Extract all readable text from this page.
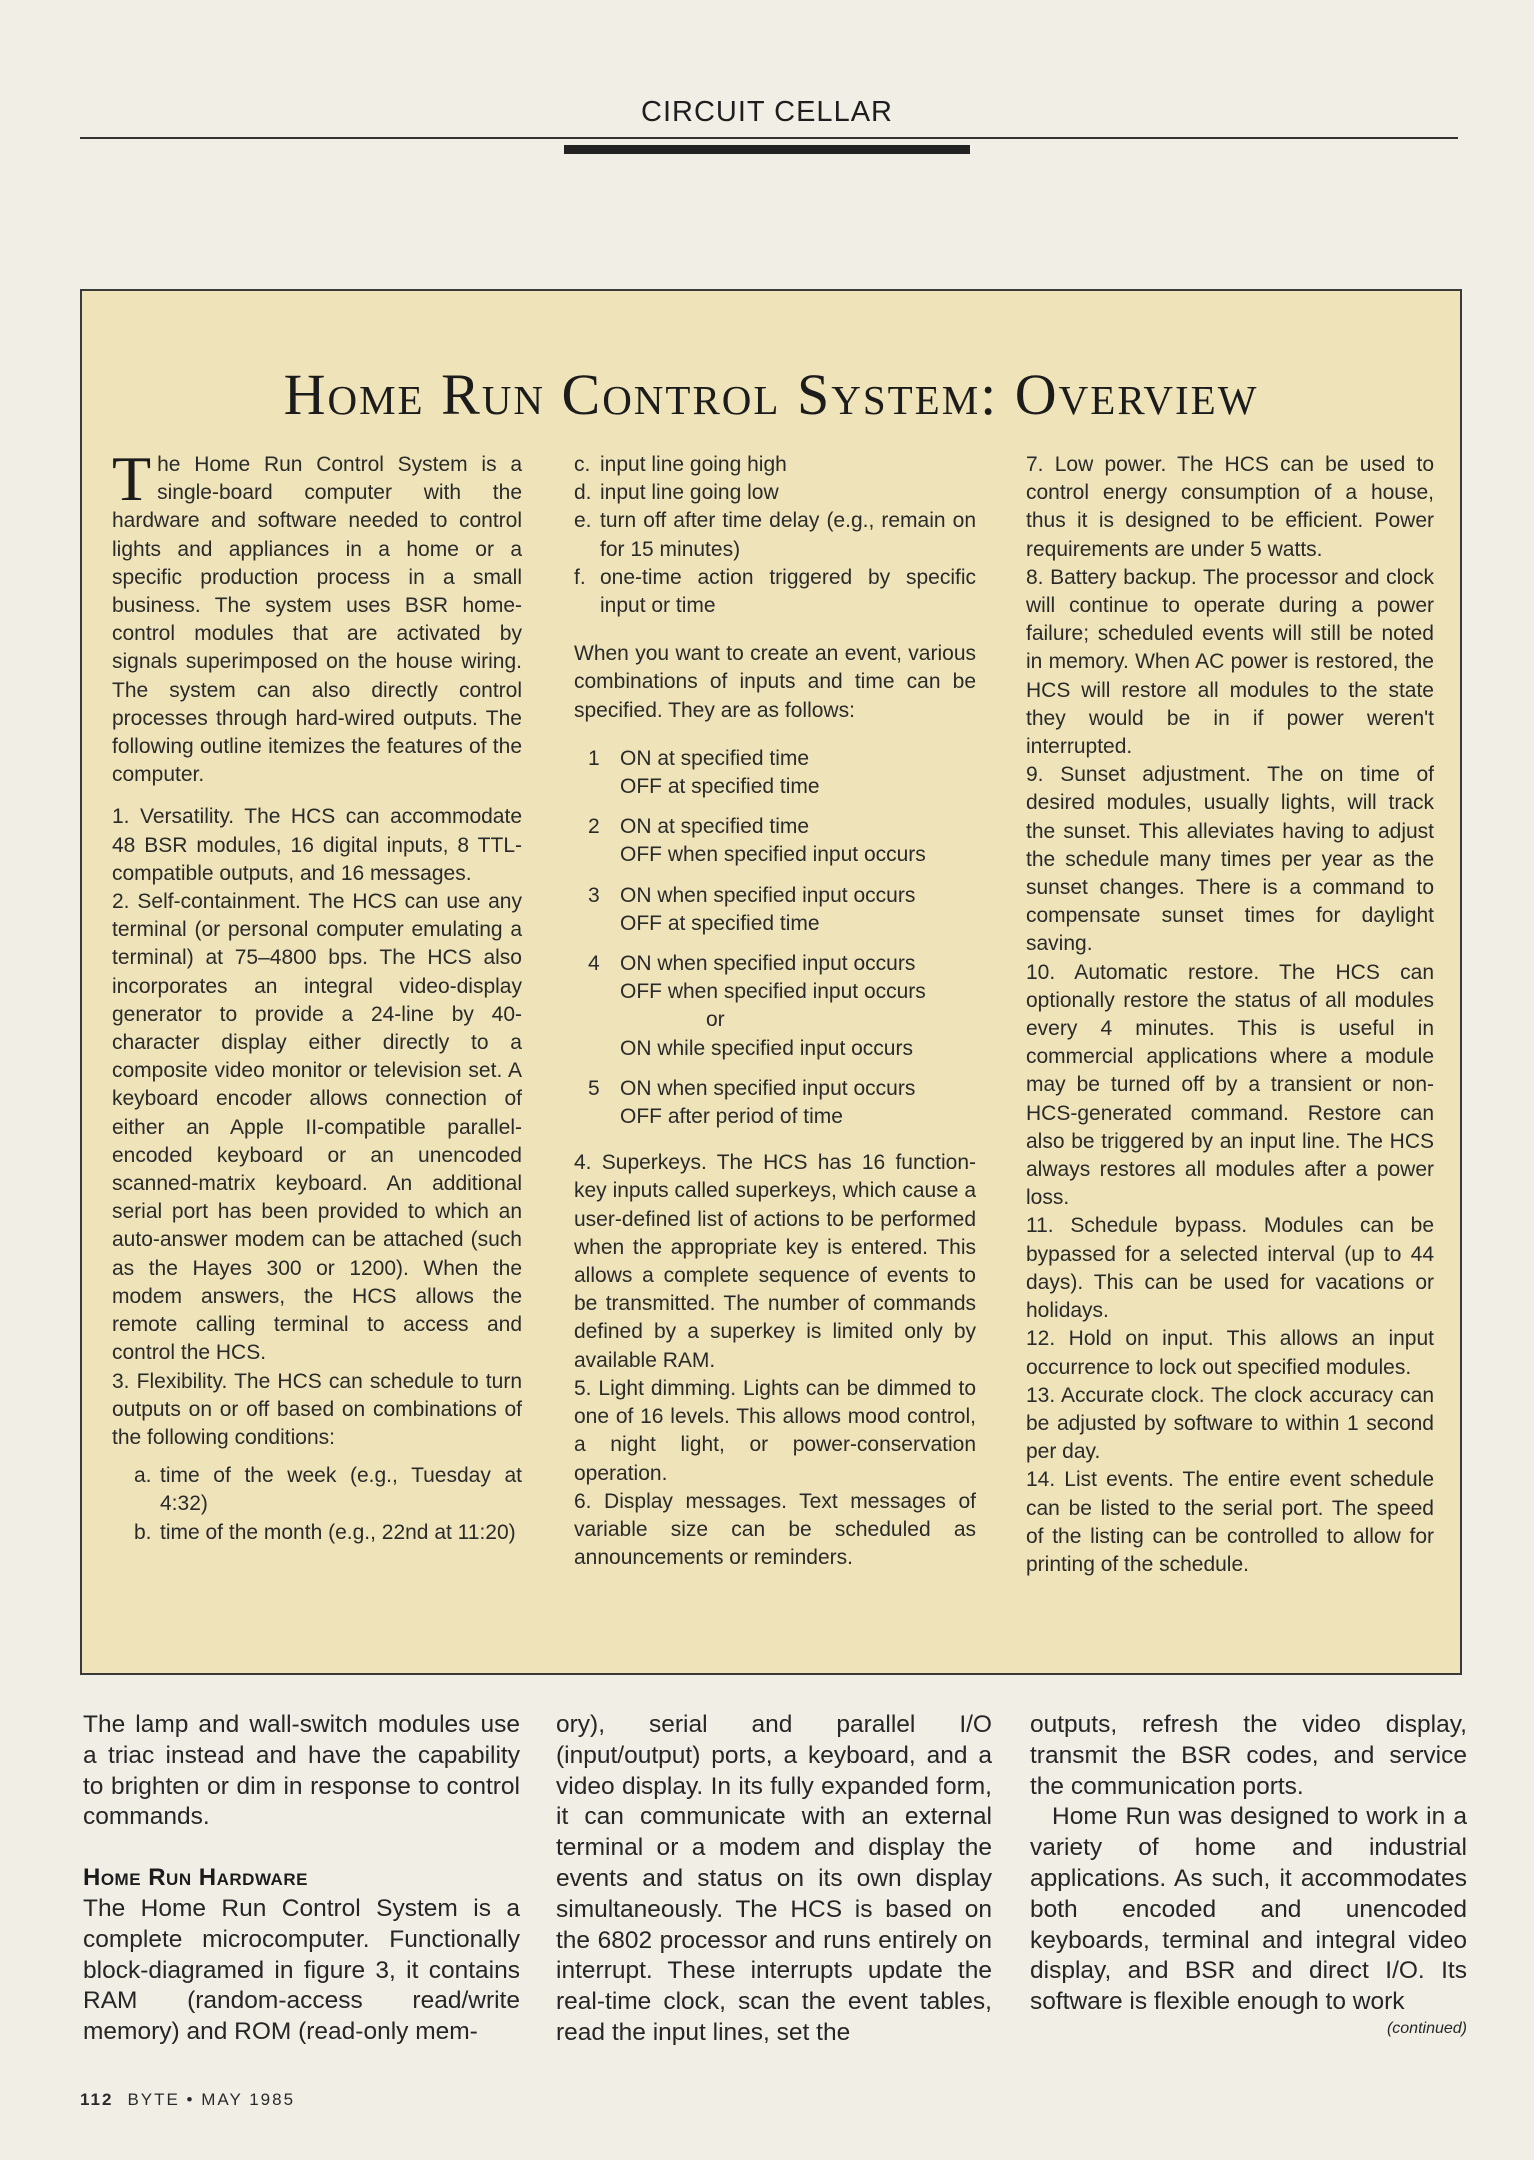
CIRCUIT CELLAR
Home Run Control System: Overview

The Home Run Control System is a single-board computer with the hardware and software needed to control lights and appliances in a home or a specific production process in a small business. The system uses BSR home-control modules that are activated by signals superimposed on the house wiring. The system can also directly control processes through hard-wired outputs. The following outline itemizes the features of the computer.

1. Versatility. The HCS can accommodate 48 BSR modules, 16 digital inputs, 8 TTL-compatible outputs, and 16 messages.

2. Self-containment. The HCS can use any terminal (or personal computer emulating a terminal) at 75–4800 bps. The HCS also incorporates an integral video-display generator to provide a 24-line by 40-character display either directly to a composite video monitor or television set. A keyboard encoder allows connection of either an Apple II-compatible parallel-encoded keyboard or an unencoded scanned-matrix keyboard. An additional serial port has been provided to which an auto-answer modem can be attached (such as the Hayes 300 or 1200). When the modem answers, the HCS allows the remote calling terminal to access and control the HCS.

3. Flexibility. The HCS can schedule to turn outputs on or off based on combinations of the following conditions:

a. time of the week (e.g., Tuesday at 4:32)
b. time of the month (e.g., 22nd at 11:20)
c. input line going high
d. input line going low
e. turn off after time delay (e.g., remain on for 15 minutes)
f. one-time action triggered by specific input or time

When you want to create an event, various combinations of inputs and time can be specified. They are as follows:

1 ON at specified time
OFF at specified time
2 ON at specified time
OFF when specified input occurs
3 ON when specified input occurs
OFF at specified time
4 ON when specified input occurs
OFF when specified input occurs
or
ON while specified input occurs
5 ON when specified input occurs
OFF after period of time

4. Superkeys. The HCS has 16 function-key inputs called superkeys, which cause a user-defined list of actions to be performed when the appropriate key is entered. This allows a complete sequence of events to be transmitted. The number of commands defined by a superkey is limited only by available RAM.

5. Light dimming. Lights can be dimmed to one of 16 levels. This allows mood control, a night light, or power-conservation operation.

6. Display messages. Text messages of variable size can be scheduled as announcements or reminders.

7. Low power. The HCS can be used to control energy consumption of a house, thus it is designed to be efficient. Power requirements are under 5 watts.

8. Battery backup. The processor and clock will continue to operate during a power failure; scheduled events will still be noted in memory. When AC power is restored, the HCS will restore all modules to the state they would be in if power weren't interrupted.

9. Sunset adjustment. The on time of desired modules, usually lights, will track the sunset. This alleviates having to adjust the schedule many times per year as the sunset changes. There is a command to compensate sunset times for daylight saving.

10. Automatic restore. The HCS can optionally restore the status of all modules every 4 minutes. This is useful in commercial applications where a module may be turned off by a transient or non-HCS-generated command. Restore can also be triggered by an input line. The HCS always restores all modules after a power loss.

11. Schedule bypass. Modules can be bypassed for a selected interval (up to 44 days). This can be used for vacations or holidays.

12. Hold on input. This allows an input occurrence to lock out specified modules.

13. Accurate clock. The clock accuracy can be adjusted by software to within 1 second per day.

14. List events. The entire event schedule can be listed to the serial port. The speed of the listing can be controlled to allow for printing of the schedule.

The lamp and wall-switch modules use a triac instead and have the capability to brighten or dim in response to control commands.

Home Run Hardware

The Home Run Control System is a complete microcomputer. Functionally block-diagramed in figure 3, it contains RAM (random-access read/write memory) and ROM (read-only mem-

ory), serial and parallel I/O (input/output) ports, a keyboard, and a video display. In its fully expanded form, it can communicate with an external terminal or a modem and display the events and status on its own display simultaneously. The HCS is based on the 6802 processor and runs entirely on interrupt. These interrupts update the real-time clock, scan the event tables, read the input lines, set the

outputs, refresh the video display, transmit the BSR codes, and service the communication ports.

Home Run was designed to work in a variety of home and industrial applications. As such, it accommodates both encoded and unencoded keyboards, terminal and integral video display, and BSR and direct I/O. Its software is flexible enough to work

(continued)
112 BYTE • MAY 1985
